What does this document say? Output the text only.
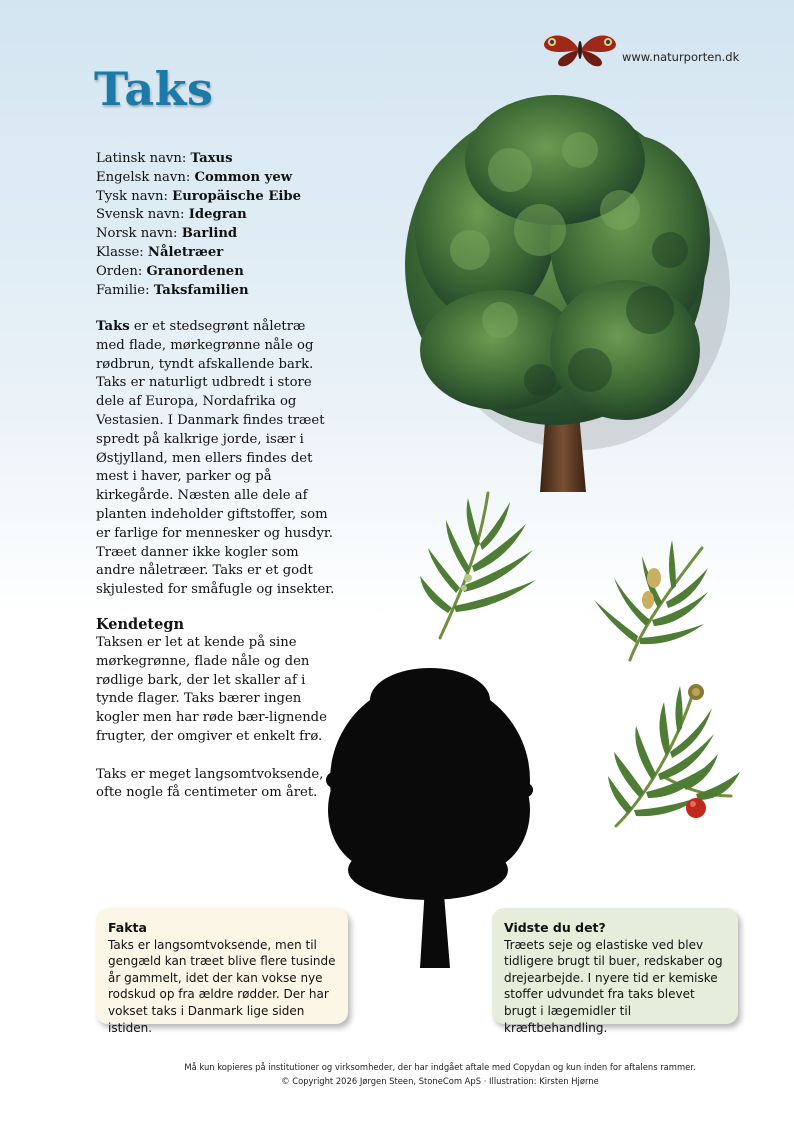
www.naturporten.dk
Taks
Latinsk navn: Taxus
Engelsk navn: Common yew
Tysk navn: Europäische Eibe
Svensk navn: Idegran
Norsk navn: Barlind
Klasse: Nåletræer
Orden: Granordenen
Familie: Taksfamilien

Taks er et stedsegrønt nåletræ med flade, mørkegrønne nåle og rødbrun, tyndt afskallende bark. Taks er naturligt udbredt i store dele af Europa, Nordafrika og Vestasien. I Danmark findes træet spredt på kalkrige jorde, især i Østjylland, men ellers findes det mest i haver, parker og på kirkegårde. Næsten alle dele af planten indeholder giftstoffer, som er farlige for mennesker og husdyr. Træet danner ikke kogler som andre nåletræer. Taks er et godt skjulested for småfugle og insekter.

Kendetegn

Taksen er let at kende på sine mørkegrønne, flade nåle og den rødlige bark, der let skaller af i tynde flager. Taks bærer ingen kogler men har røde bær-lignende frugter, der omgiver et enkelt frø.

Taks er meget langsomtvoksende, ofte nogle få centimeter om året.

Fakta

Taks er langsomtvoksende, men til gengæld kan træet blive flere tusinde år gammelt, idet der kan vokse nye rodskud op fra ældre rødder. Der har vokset taks i Danmark lige siden istiden.

Vidste du det?

Træets seje og elastiske ved blev tidligere brugt til buer, redskaber og drejearbejde. I nyere tid er kemiske stoffer udvundet fra taks blevet brugt i lægemidler til kræftbehandling.

Må kun kopieres på institutioner og virksomheder, der har indgået aftale med Copydan og kun inden for aftalens rammer.
© Copyright 2026 Jørgen Steen, StoneCom ApS · Illustration: Kirsten Hjørne
